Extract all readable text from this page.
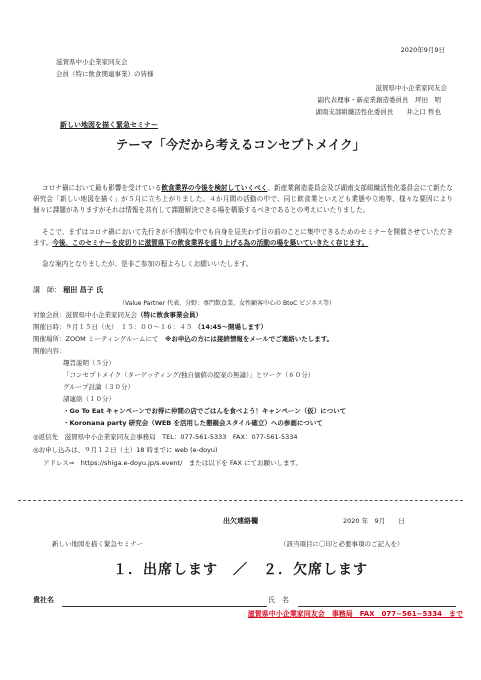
2020年9月9日
滋賀県中小企業家同友会
会員（特に飲食関連事業）の皆様
滋賀県中小企業家同友会
副代表理事・新産業創造委員長　坪田　明
湖南支部組織活性化委員長　　井之口 哲也
新しい地図を描く緊急セミナー
テーマ「今だから考えるコンセプトメイク」
コロナ禍において最も影響を受けている飲食業界の今後を検討していくべく、新産業創造委員会及び湖南支部組織活性化委員会にて新たな研究会「新しい地図を描く」が５月に立ち上がりました。４か月間の活動の中で、同じ飲食業といえども業態や立地等、様々な要因により個々に課題がありますがそれは情報を共有して課題解決できる場を構築するべきであるとの考えにいたりました。
そこで、まずはコロナ禍において先行きが不透明な中でも自身を見失わず目の前のことに集中できるためのセミナーを開催させていただきます。今後、このセミナーを皮切りに滋賀県下の飲食業界を盛り上げる為の活動の場を築いていきたく存じます。
急な案内となりましたが、是非ご参加の程よろしくお願いいたします。
講　師： 稲田 昌子 氏
（Value Partner 代表、分野：専門飲食業、女性顧客中心の BtoC ビジネス等）
対象会員：滋賀県中小企業家同友会（特に飲食事業会員）
開催日時：９月１５日（火）　１５：００〜１６：４５ （14:45〜開場します）
開催場所：ZOOM ミーティングルームにて　※お申込の方には接続情報をメールでご連絡いたします。
開催内容：
趣旨説明（５分）
「コンセプトメイク（ターゲッティング/独自価値の提案の無論）」とワーク（６０分）
グループ討論（３０分）
諸連絡（１０分）
・Go To Eat キャンペーンでお得に仲間の店でごはんを食べよう！キャンペーン（仮）について
・Koronana party 研究会（WEB を活用した懇親会スタイル確立）への参画について
◎返信先　滋賀県中小企業家同友会事務局　TEL：077-561-5333　FAX：077-561-5334
◎お申し込みは、９月１２日（土）18 時までに web (e-doyu)
アドレス⇒　https://shiga.e-doyu.jp/s.event/　または以下を FAX にてお願いします。
出欠連絡欄	2020 年　9月　　日
新しい地図を描く緊急セミナー	（該当項目に〇印と必要事項のご記入を）
１．出席します　／　２．欠席します
貴社名	氏　名
滋賀県中小企業家同友会　事務局　FAX　077−561−5334　まで
